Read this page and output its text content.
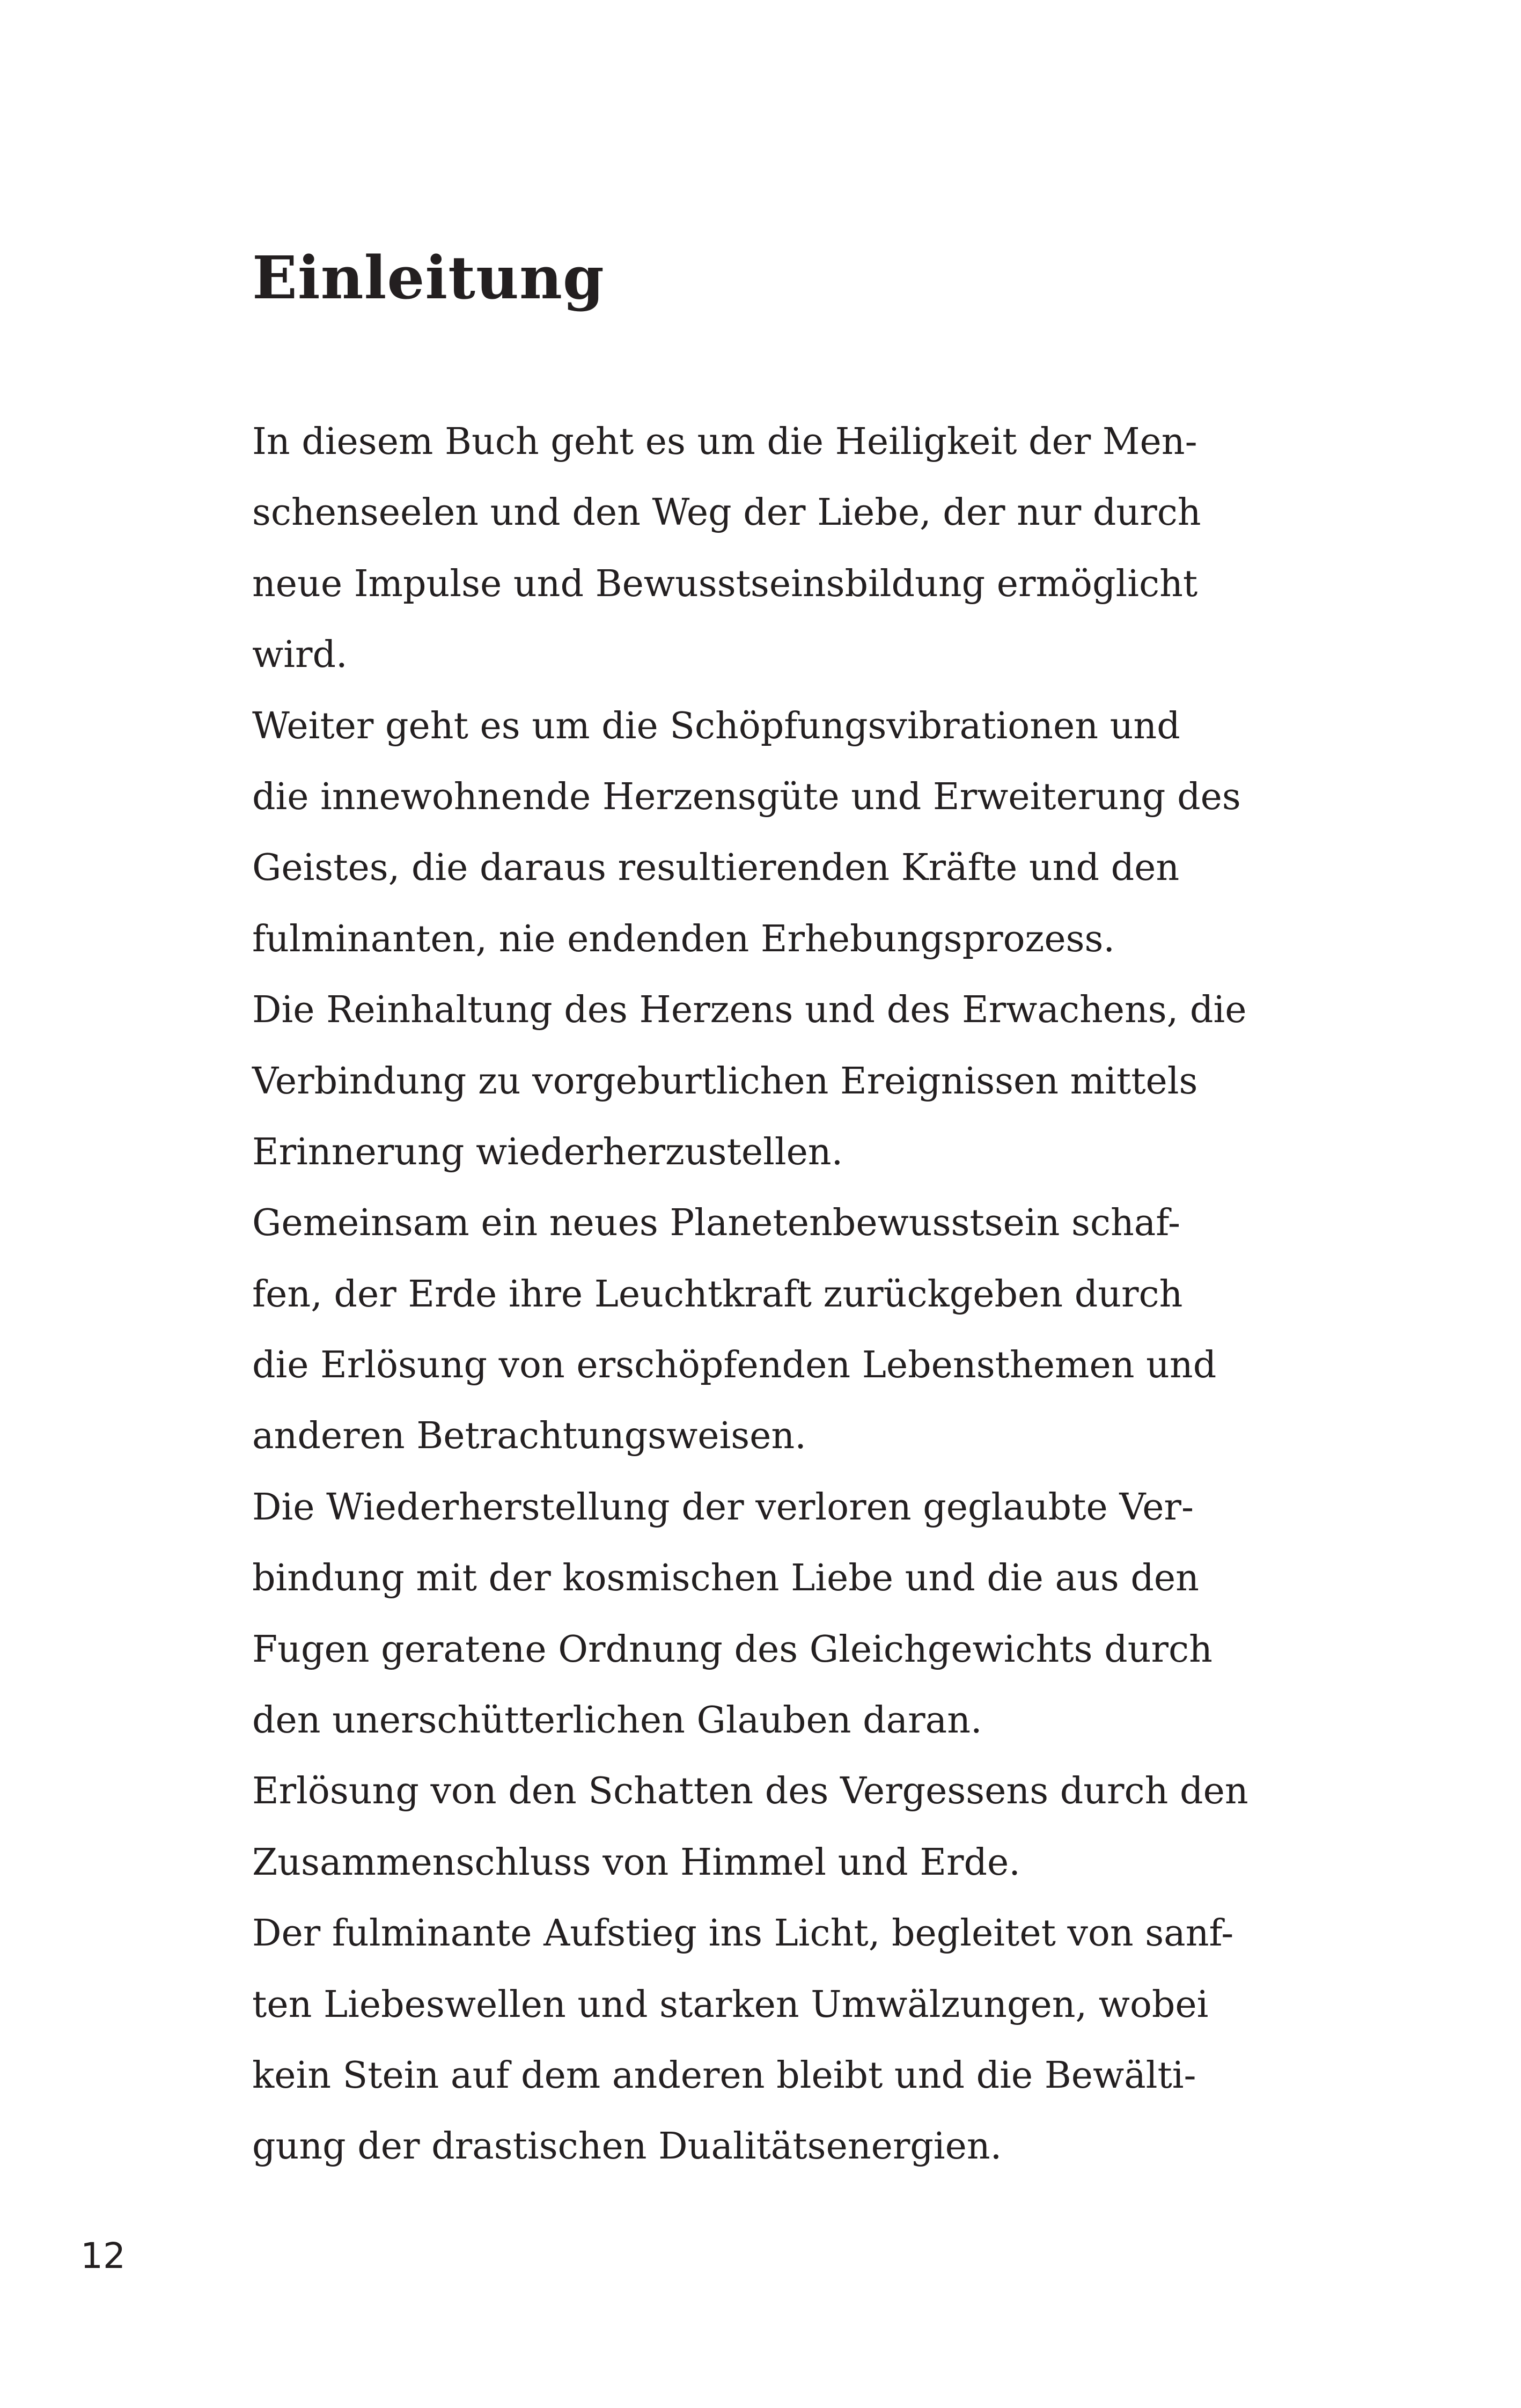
Einleitung
In diesem Buch geht es um die Heiligkeit der Men-
schenseelen und den Weg der Liebe, der nur durch
neue Impulse und Bewusstseinsbildung ermöglicht
wird.
Weiter geht es um die Schöpfungsvibrationen und
die innewohnende Herzensgüte und Erweiterung des
Geistes, die daraus resultierenden Kräfte und den
fulminanten, nie endenden Erhebungsprozess.
Die Reinhaltung des Herzens und des Erwachens, die
Verbindung zu vorgeburtlichen Ereignissen mittels
Erinnerung wiederherzustellen.
Gemeinsam ein neues Planetenbewusstsein schaf-
fen, der Erde ihre Leuchtkraft zurückgeben durch
die Erlösung von erschöpfenden Lebensthemen und
anderen Betrachtungsweisen.
Die Wiederherstellung der verloren geglaubte Ver-
bindung mit der kosmischen Liebe und die aus den
Fugen geratene Ordnung des Gleichgewichts durch
den unerschütterlichen Glauben daran.
Erlösung von den Schatten des Vergessens durch den
Zusammenschluss von Himmel und Erde.
Der fulminante Aufstieg ins Licht, begleitet von sanf-
ten Liebeswellen und starken Umwälzungen, wobei
kein Stein auf dem anderen bleibt und die Bewälti-
gung der drastischen Dualitätsenergien.

12
